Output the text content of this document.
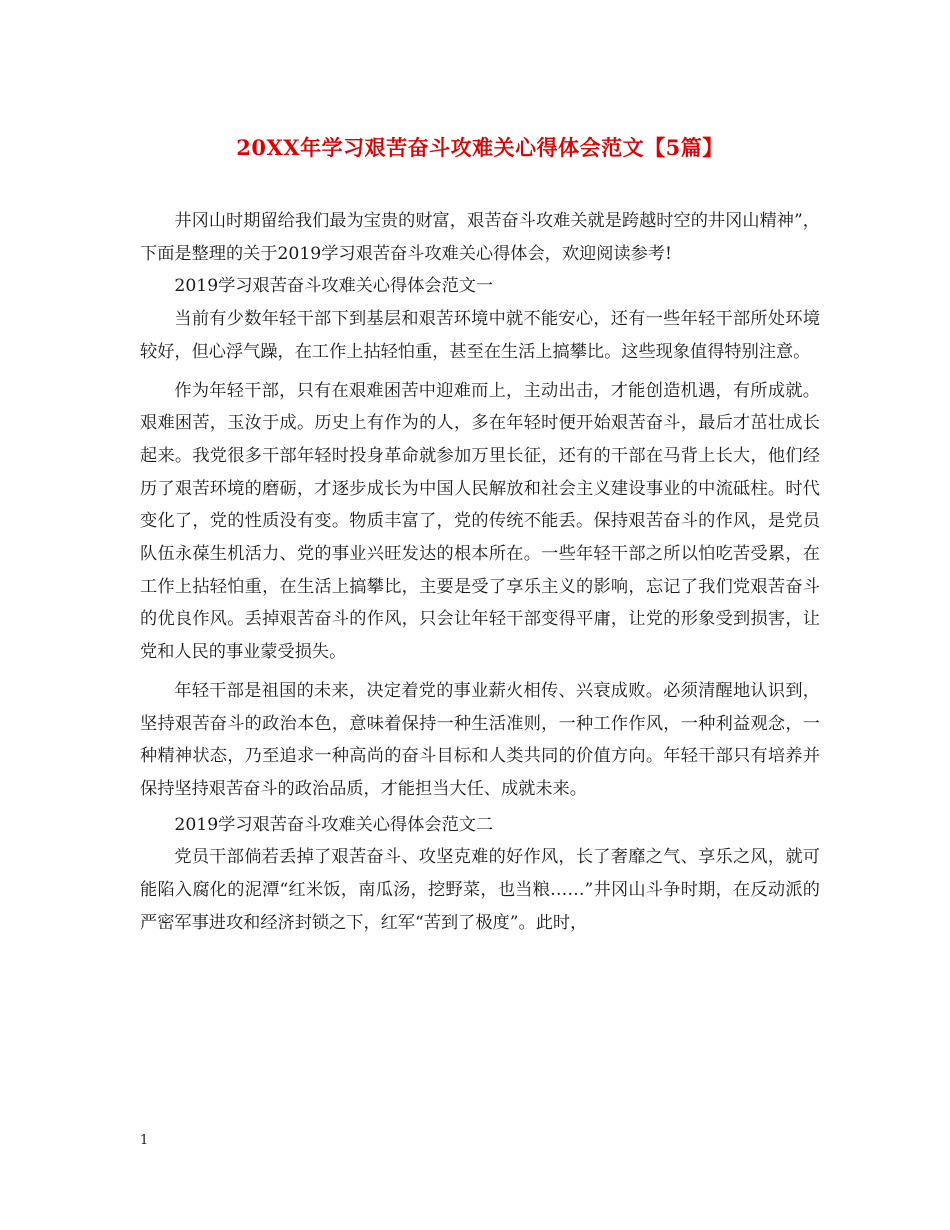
20XX年学习艰苦奋斗攻难关心得体会范文【5篇】

井冈山时期留给我们最为宝贵的财富，艰苦奋斗攻难关就是跨越时空的井冈山精神”，下面是整理的关于2019学习艰苦奋斗攻难关心得体会，欢迎阅读参考!

2019学习艰苦奋斗攻难关心得体会范文一

当前有少数年轻干部下到基层和艰苦环境中就不能安心，还有一些年轻干部所处环境较好，但心浮气躁，在工作上拈轻怕重，甚至在生活上搞攀比。这些现象值得特别注意。

作为年轻干部，只有在艰难困苦中迎难而上，主动出击，才能创造机遇，有所成就。艰难困苦，玉汝于成。历史上有作为的人，多在年轻时便开始艰苦奋斗，最后才茁壮成长起来。我党很多干部年轻时投身革命就参加万里长征，还有的干部在马背上长大，他们经历了艰苦环境的磨砺，才逐步成长为中国人民解放和社会主义建设事业的中流砥柱。时代变化了，党的性质没有变。物质丰富了，党的传统不能丢。保持艰苦奋斗的作风，是党员队伍永葆生机活力、党的事业兴旺发达的根本所在。一些年轻干部之所以怕吃苦受累，在工作上拈轻怕重，在生活上搞攀比，主要是受了享乐主义的影响，忘记了我们党艰苦奋斗的优良作风。丢掉艰苦奋斗的作风，只会让年轻干部变得平庸，让党的形象受到损害，让党和人民的事业蒙受损失。

年轻干部是祖国的未来，决定着党的事业薪火相传、兴衰成败。必须清醒地认识到，坚持艰苦奋斗的政治本色，意味着保持一种生活准则，一种工作作风，一种利益观念，一种精神状态，乃至追求一种高尚的奋斗目标和人类共同的价值方向。年轻干部只有培养并保持坚持艰苦奋斗的政治品质，才能担当大任、成就未来。

2019学习艰苦奋斗攻难关心得体会范文二

党员干部倘若丢掉了艰苦奋斗、攻坚克难的好作风，长了奢靡之气、享乐之风，就可能陷入腐化的泥潭“红米饭，南瓜汤，挖野菜，也当粮……”井冈山斗争时期，在反动派的严密军事进攻和经济封锁之下，红军“苦到了极度”。此时，

1
